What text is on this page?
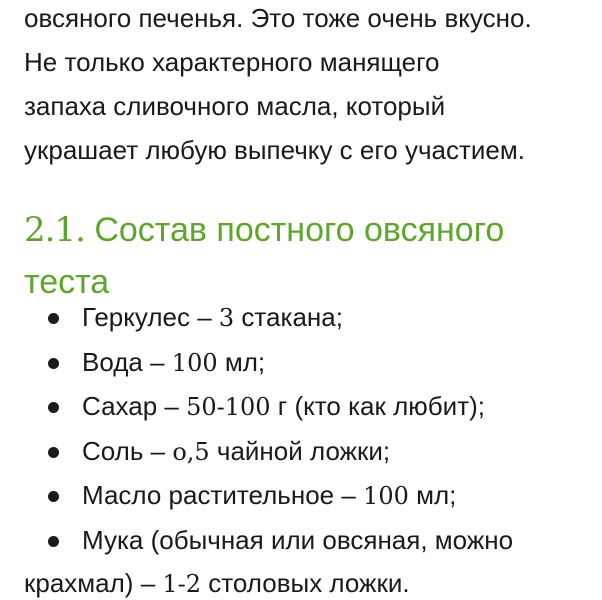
овсяного печенья. Это тоже очень вкусно.

Не только характерного манящего

запаха сливочного масла, который

украшает любую выпечку с его участием.

2.1. Состав постного овсяного
теста
Геркулес – 3 стакана;
Вода – 100 мл;
Сахар – 50-100 г (кто как любит);
Соль – о,5 чайной ложки;
Масло растительное – 100 мл;
Мука (обычная или овсяная, можно
крахмал) – 1-2 столовых ложки.
